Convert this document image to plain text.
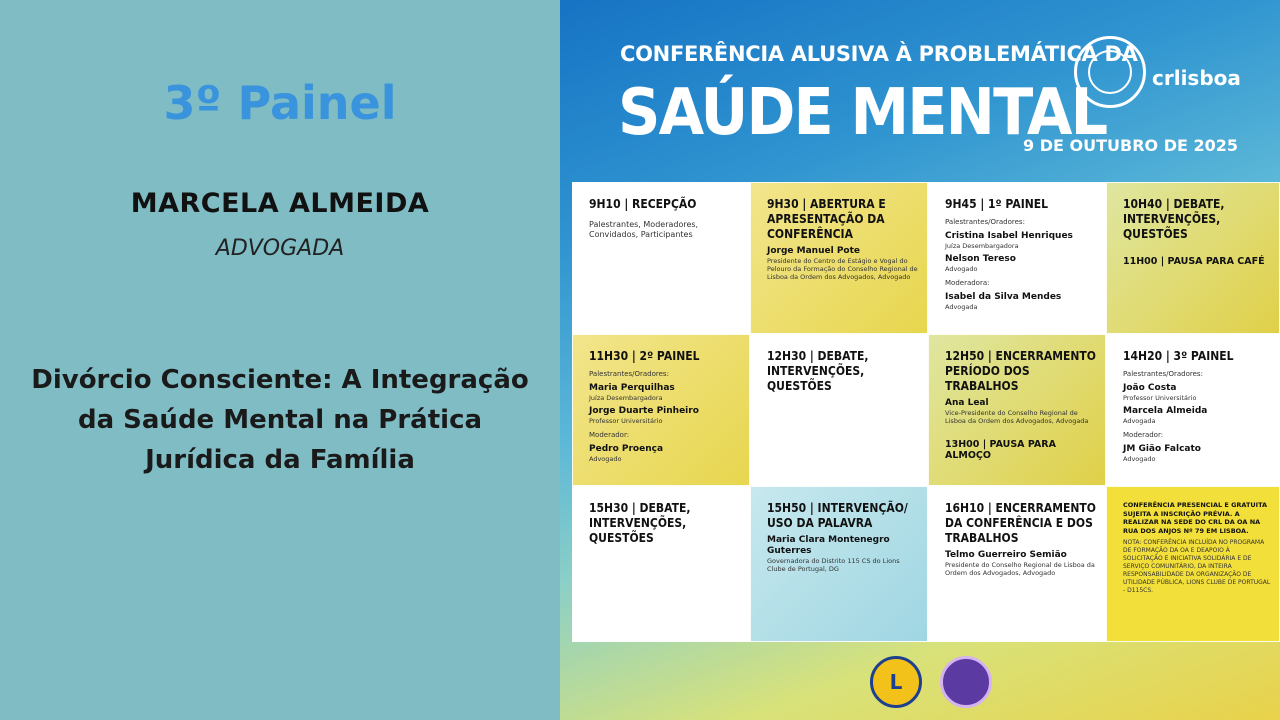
3º Painel
MARCELA ALMEIDA
ADVOGADA
Divórcio Consciente: A Integração da Saúde Mental na Prática Jurídica da Família
CONFERÊNCIA ALUSIVA À PROBLEMÁTICA DA
SAÚDE MENTAL crlisboa
9 DE OUTUBRO DE 2025
9H10 | RECEPÇÃO
Palestrantes, Moderadores, Convidados, Participantes
9H30 | ABERTURA E APRESENTAÇÃO DA CONFERÊNCIA
Jorge Manuel Pote
Presidente do Centro de Estágio e Vogal do Pelouro da Formação do Conselho Regional de Lisboa da Ordem dos Advogados, Advogado
9H45 | 1º PAINEL
Palestrantes/Oradores:
Cristina Isabel Henriques
Juíza Desembargadora
Nelson Tereso
Advogado
Moderadora:
Isabel da Silva Mendes
Advogada
10H40 | DEBATE, INTERVENÇÕES, QUESTÕES
11H00 | PAUSA PARA CAFÉ
11H30 | 2º PAINEL
Palestrantes/Oradores:
Maria Perquilhas
Juíza Desembargadora
Jorge Duarte Pinheiro
Professor Universitário
Moderador:
Pedro Proença
Advogado
12H30 | DEBATE, INTERVENÇÕES, QUESTÕES
12H50 | ENCERRAMENTO PERÍODO DOS TRABALHOS
Ana Leal
Vice-Presidente do Conselho Regional de Lisboa da Ordem dos Advogados, Advogada
13H00 | PAUSA PARA ALMOÇO
14H20 | 3º PAINEL
Palestrantes/Oradores:
João Costa
Professor Universitário
Marcela Almeida
Advogada
Moderador:
JM Gião Falcato
Advogado
15H30 | DEBATE, INTERVENÇÕES, QUESTÕES
15H50 | INTERVENÇÃO/ USO DA PALAVRA
Maria Clara Montenegro Guterres
Governadora do Distrito 115 CS do Lions Clube de Portugal, DG
16H10 | ENCERRAMENTO DA CONFERÊNCIA E DOS TRABALHOS
Telmo Guerreiro Semião
Presidente do Conselho Regional de Lisboa da Ordem dos Advogados, Advogado
CONFERÊNCIA PRESENCIAL E GRATUITA SUJEITA A INSCRIÇÃO PRÉVIA. A REALIZAR NA SEDE DO CRL DA OA NA RUA DOS ANJOS Nº 79 EM LISBOA.
NOTA: CONFERÊNCIA INCLUÍDA NO PROGRAMA DE FORMAÇÃO DA OA E DEAPOIO À SOLICITAÇÃO E INICIATIVA SOLIDÁRIA E DE SERVIÇO COMUNITÁRIO, DA INTEIRA RESPONSABILIDADE DA ORGANIZAÇÃO DE UTILIDADE PÚBLICA, LIONS CLUBE DE PORTUGAL - D115CS.
L
